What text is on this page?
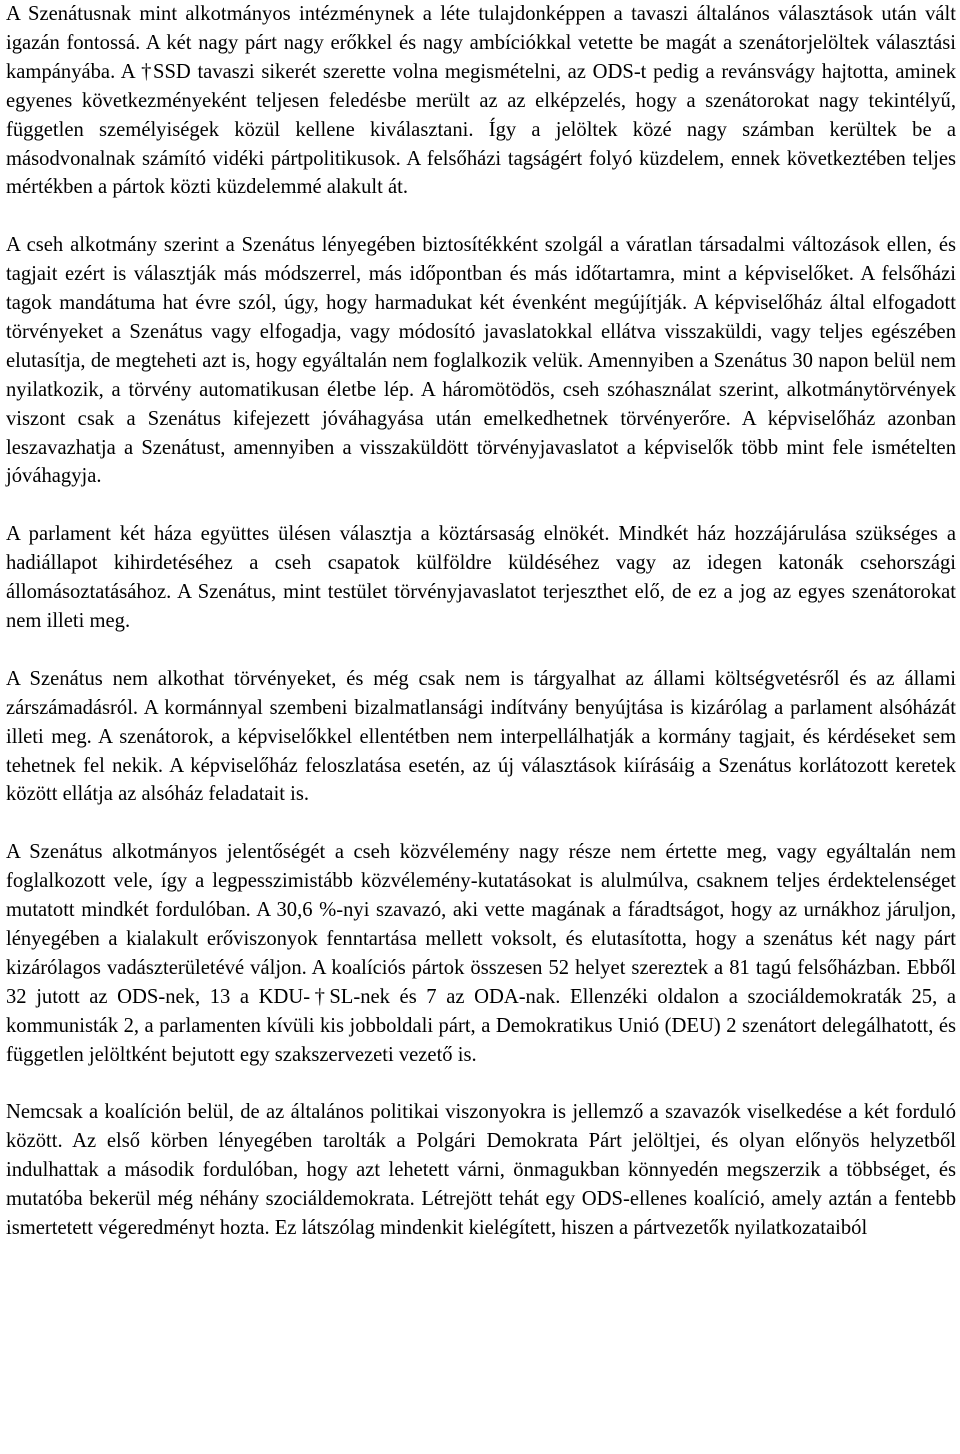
A Szenátusnak mint alkotmányos intézménynek a léte tulajdonképpen a tavaszi általános választások után vált igazán fontossá. A két nagy párt nagy erőkkel és nagy ambíciókkal vetette be magát a szenátorjelöltek választási kampányába. A †SSD tavaszi sikerét szerette volna megismételni, az ODS-t pedig a revánsvágy hajtotta, aminek egyenes következményeként teljesen feledésbe merült az az elképzelés, hogy a szenátorokat nagy tekintélyű, független személyiségek közül kellene kiválasztani. Így a jelöltek közé nagy számban kerültek be a másodvonalnak számító vidéki pártpolitikusok. A felsőházi tagságért folyó küzdelem, ennek következtében teljes mértékben a pártok közti küzdelemmé alakult át.

A cseh alkotmány szerint a Szenátus lényegében biztosítékként szolgál a váratlan társadalmi változások ellen, és tagjait ezért is választják más módszerrel, más időpontban és más időtartamra, mint a képviselőket. A felsőházi tagok mandátuma hat évre szól, úgy, hogy harmadukat két évenként megújítják. A képviselőház által elfogadott törvényeket a Szenátus vagy elfogadja, vagy módosító javaslatokkal ellátva visszaküldi, vagy teljes egészében elutasítja, de megteheti azt is, hogy egyáltalán nem foglalkozik velük. Amennyiben a Szenátus 30 napon belül nem nyilatkozik, a törvény automatikusan életbe lép. A háromötödös, cseh szóhasználat szerint, alkotmánytörvények viszont csak a Szenátus kifejezett jóváhagyása után emelkedhetnek törvényerőre. A képviselőház azonban leszavazhatja a Szenátust, amennyiben a visszaküldött törvényjavaslatot a képviselők több mint fele ismételten jóváhagyja.

A parlament két háza együttes ülésen választja a köztársaság elnökét. Mindkét ház hozzájárulása szükséges a hadiállapot kihirdetéséhez a cseh csapatok külföldre küldéséhez vagy az idegen katonák csehországi állomásoztatásához. A Szenátus, mint testület törvényjavaslatot terjeszthet elő, de ez a jog az egyes szenátorokat nem illeti meg.

A Szenátus nem alkothat törvényeket, és még csak nem is tárgyalhat az állami költségvetésről és az állami zárszámadásról. A kormánnyal szembeni bizalmatlansági indítvány benyújtása is kizárólag a parlament alsóházát illeti meg. A szenátorok, a képviselőkkel ellentétben nem interpellálhatják a kormány tagjait, és kérdéseket sem tehetnek fel nekik. A képviselőház feloszlatása esetén, az új választások kiírásáig a Szenátus korlátozott keretek között ellátja az alsóház feladatait is.

A Szenátus alkotmányos jelentőségét a cseh közvélemény nagy része nem értette meg, vagy egyáltalán nem foglalkozott vele, így a legpesszimistább közvélemény-kutatásokat is alulmúlva, csaknem teljes érdektelenséget mutatott mindkét fordulóban. A 30,6 %-nyi szavazó, aki vette magának a fáradtságot, hogy az urnákhoz járuljon, lényegében a kialakult erőviszonyok fenntartása mellett voksolt, és elutasította, hogy a szenátus két nagy párt kizárólagos vadászterületévé váljon. A koalíciós pártok összesen 52 helyet szereztek a 81 tagú felsőházban. Ebből 32 jutott az ODS-nek, 13 a KDU-†SL-nek és 7 az ODA-nak. Ellenzéki oldalon a szociáldemokraták 25, a kommunisták 2, a parlamenten kívüli kis jobboldali párt, a Demokratikus Unió (DEU) 2 szenátort delegálhatott, és független jelöltként bejutott egy szakszervezeti vezető is.

Nemcsak a koalíción belül, de az általános politikai viszonyokra is jellemző a szavazók viselkedése a két forduló között. Az első körben lényegében tarolták a Polgári Demokrata Párt jelöltjei, és olyan előnyös helyzetből indulhattak a második fordulóban, hogy azt lehetett várni, önmagukban könnyedén megszerzik a többséget, és mutatóba bekerül még néhány szociáldemokrata. Létrejött tehát egy ODS-ellenes koalíció, amely aztán a fentebb ismertetett végeredményt hozta. Ez látszólag mindenkit kielégített, hiszen a pártvezetők nyilatkozataiból
